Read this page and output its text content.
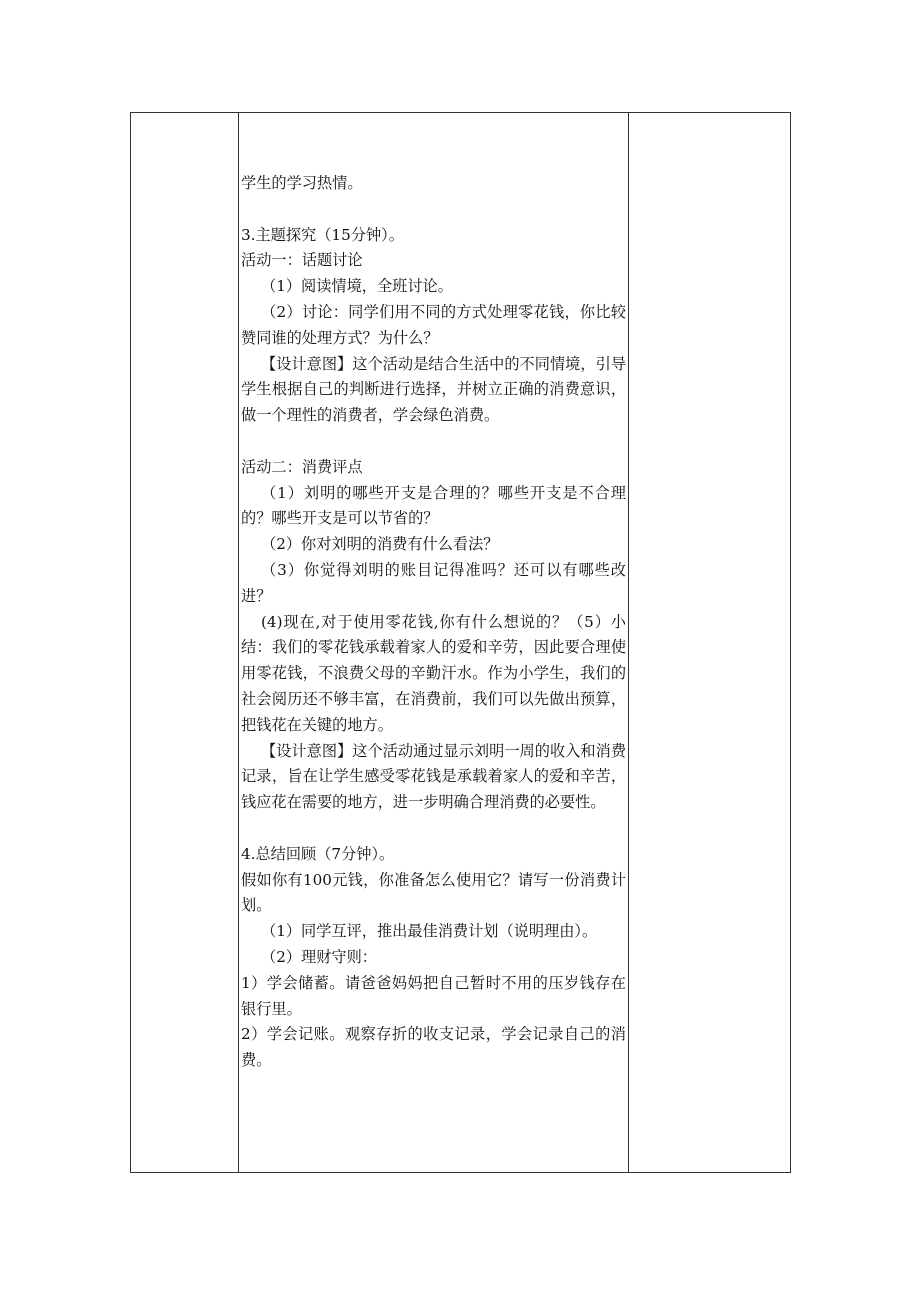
学生的学习热情。

3.主题探究（15分钟）。

活动一：话题讨论

（1）阅读情境，全班讨论。

（2）讨论：同学们用不同的方式处理零花钱，你比较赞同谁的处理方式？为什么？

【设计意图】这个活动是结合生活中的不同情境，引导学生根据自己的判断进行选择，并树立正确的消费意识，做一个理性的消费者，学会绿色消费。

活动二：消费评点

（1）刘明的哪些开支是合理的？哪些开支是不合理的？哪些开支是可以节省的？

（2）你对刘明的消费有什么看法？

（3）你觉得刘明的账目记得准吗？还可以有哪些改进？

(4)现在,对于使用零花钱,你有什么想说的？（5）小结：我们的零花钱承载着家人的爱和辛劳，因此要合理使用零花钱，不浪费父母的辛勤汗水。作为小学生，我们的社会阅历还不够丰富，在消费前，我们可以先做出预算，把钱花在关键的地方。

【设计意图】这个活动通过显示刘明一周的收入和消费记录，旨在让学生感受零花钱是承载着家人的爱和辛苦，钱应花在需要的地方，进一步明确合理消费的必要性。

4.总结回顾（7分钟）。

假如你有100元钱，你准备怎么使用它？请写一份消费计划。

（1）同学互评，推出最佳消费计划（说明理由）。

（2）理财守则：

1）学会储蓄。请爸爸妈妈把自己暂时不用的压岁钱存在银行里。

2）学会记账。观察存折的收支记录，学会记录自己的消费。
